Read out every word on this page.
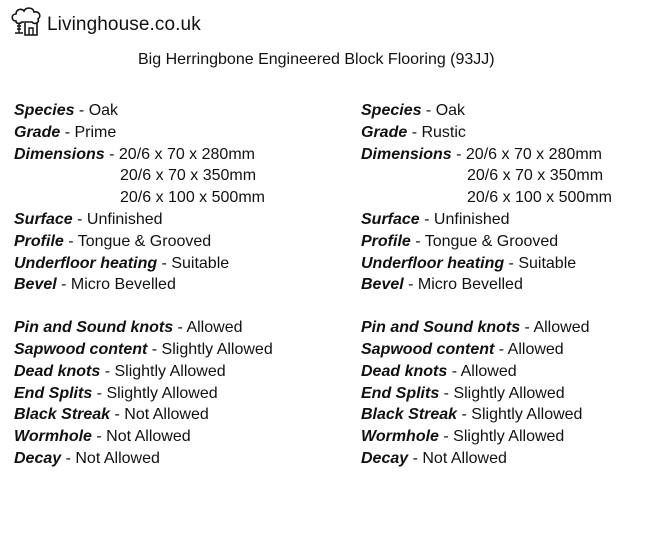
Livinghouse.co.uk
Big Herringbone Engineered Block Flooring (93JJ)
Species - Oak
Grade - Prime
Dimensions - 20/6 x 70 x 280mm
20/6 x 70 x 350mm
20/6 x 100 x 500mm
Surface - Unfinished
Profile - Tongue & Grooved
Underfloor heating - Suitable
Bevel - Micro Bevelled
Pin and Sound knots - Allowed
Sapwood content - Slightly Allowed
Dead knots - Slightly Allowed
End Splits - Slightly Allowed
Black Streak - Not Allowed
Wormhole - Not Allowed
Decay - Not Allowed
Species - Oak
Grade - Rustic
Dimensions - 20/6 x 70 x 280mm
20/6 x 70 x 350mm
20/6 x 100 x 500mm
Surface - Unfinished
Profile - Tongue & Grooved
Underfloor heating - Suitable
Bevel - Micro Bevelled
Pin and Sound knots - Allowed
Sapwood content - Allowed
Dead knots - Allowed
End Splits - Slightly Allowed
Black Streak - Slightly Allowed
Wormhole - Slightly Allowed
Decay - Not Allowed
